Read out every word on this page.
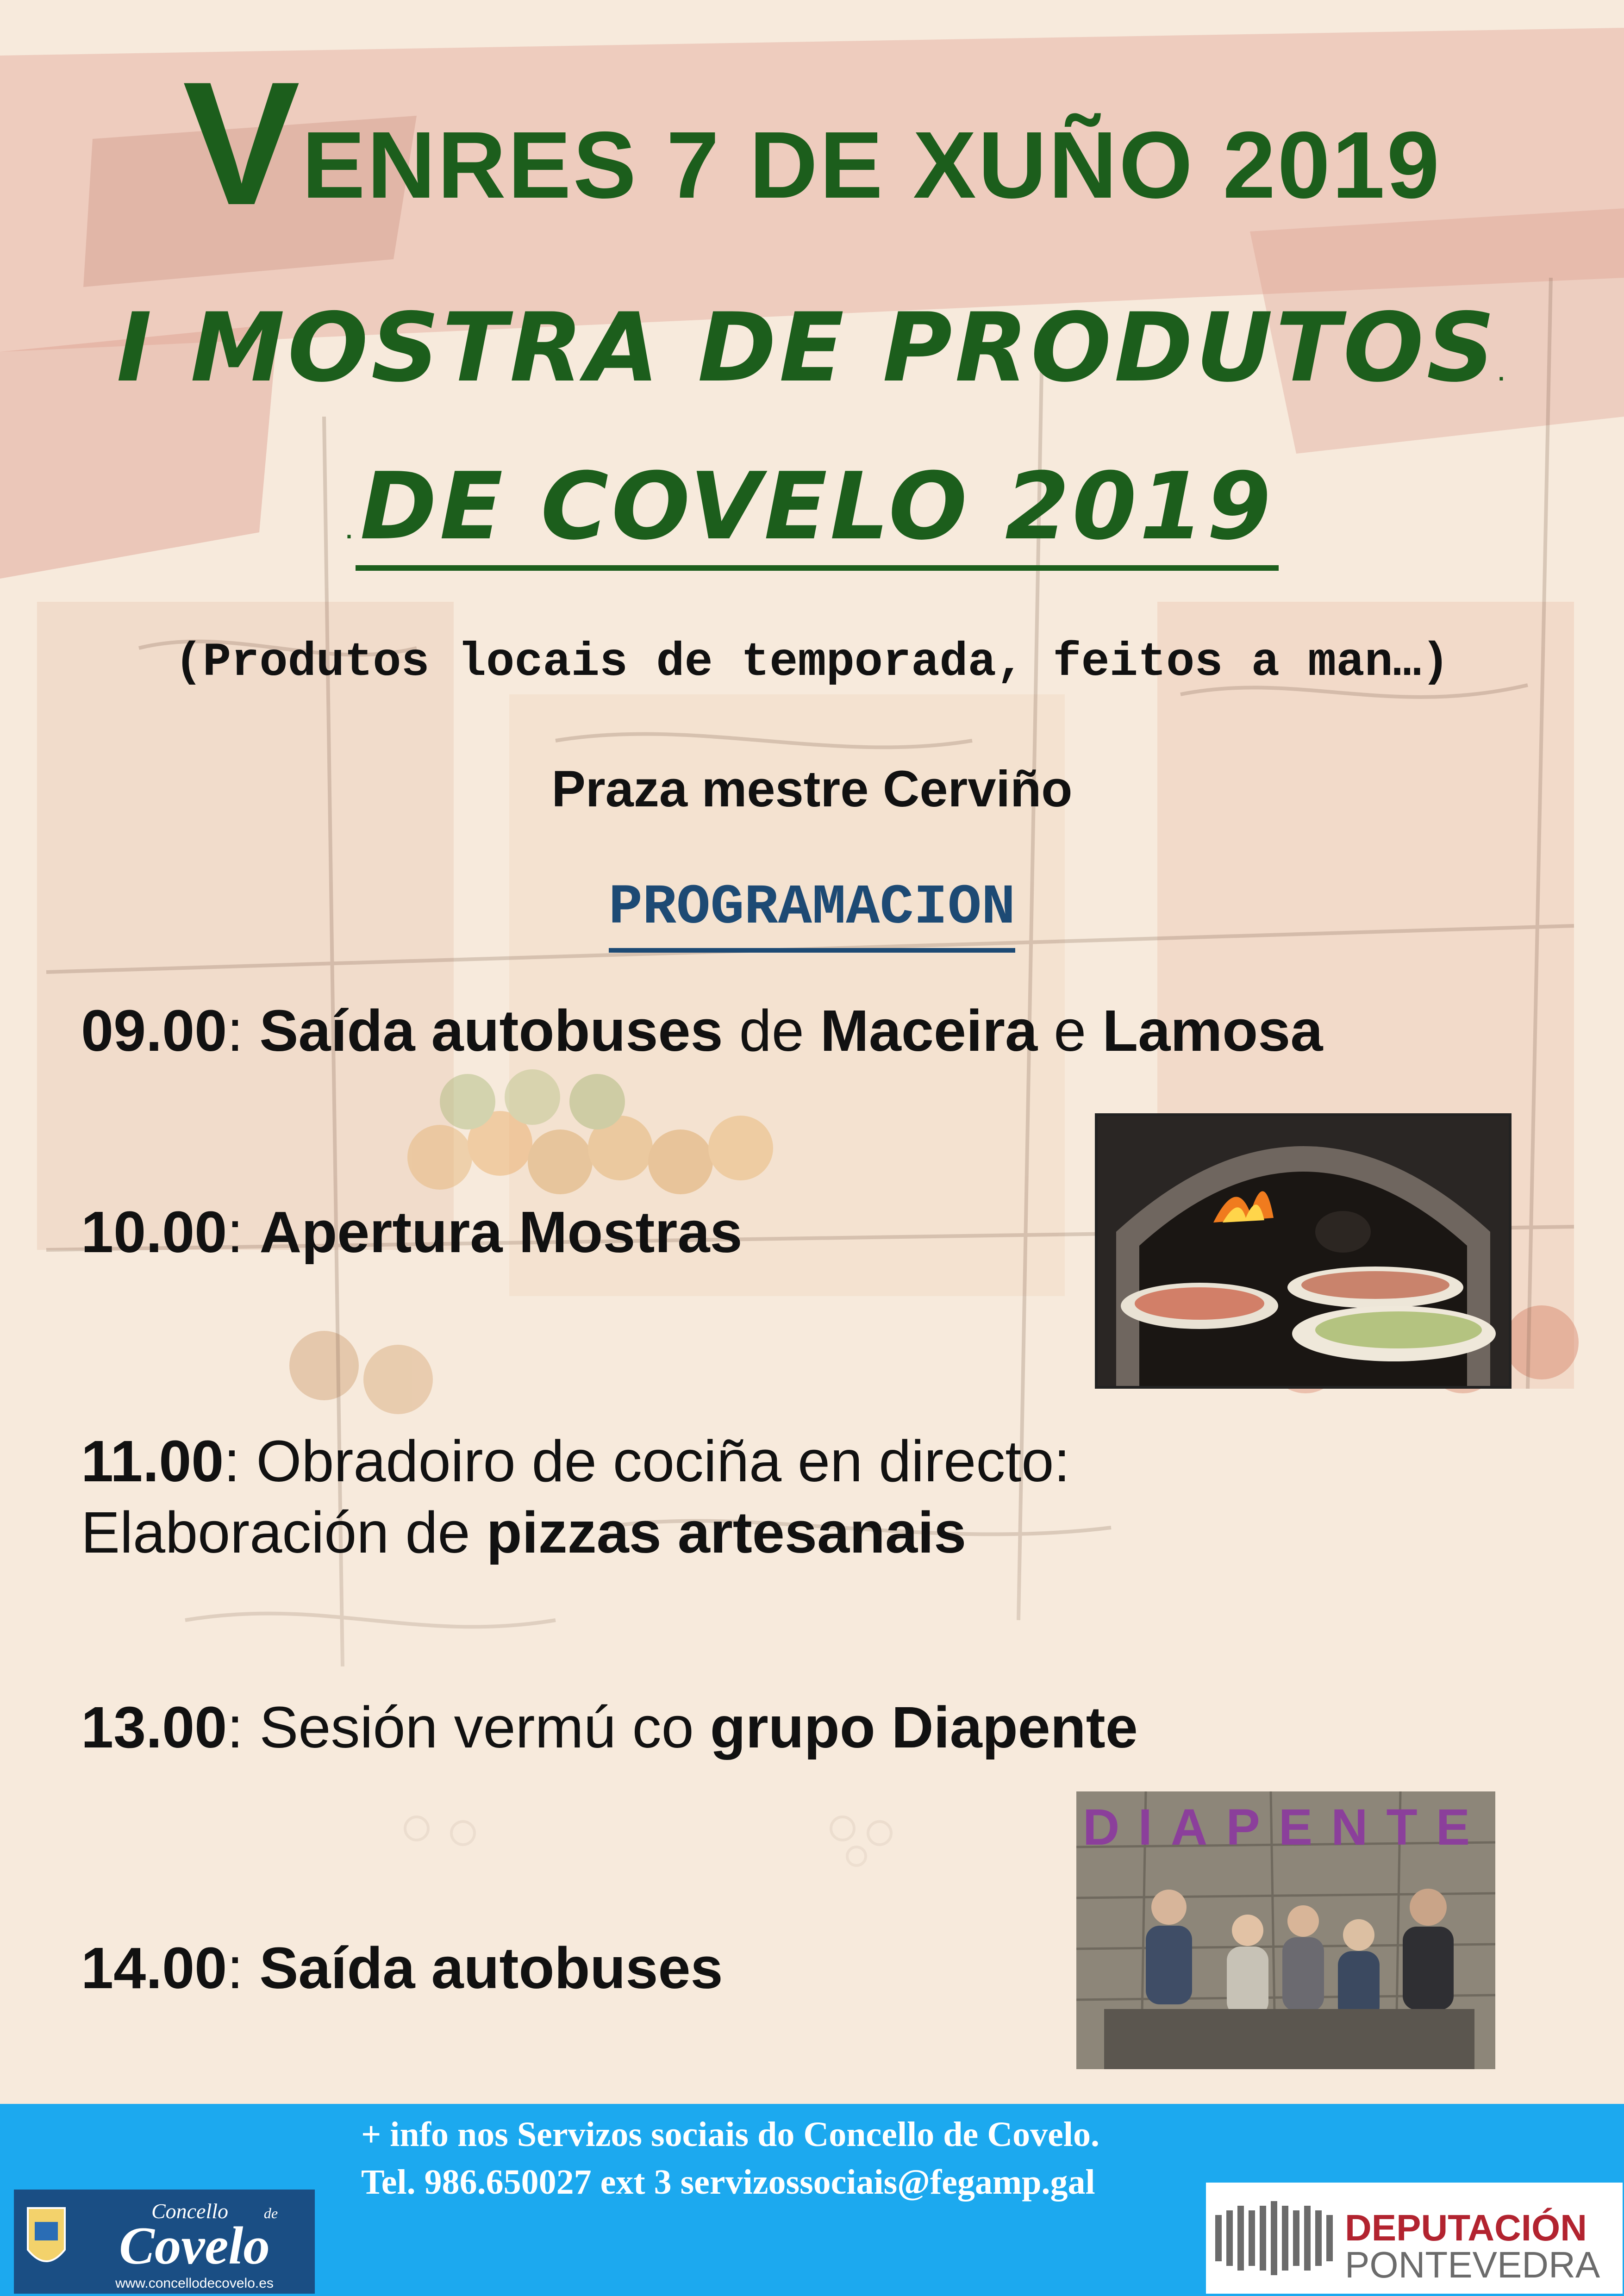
VENRES 7 DE XUÑO 2019
I MOSTRA DE PRODUTOS.
.DE COVELO 2019
(Produtos locais de temporada, feitos a man…)
Praza mestre Cerviño
PROGRAMACION
09.00: Saída autobuses de Maceira e Lamosa
10.00: Apertura Mostras
11.00: Obradoiro de cociña en directo:
Elaboración de pizzas artesanais
13.00: Sesión vermú co grupo Diapente
14.00: Saída autobuses
DIAPENTE
+ info nos Servizos sociais do Concello de Covelo.
Tel. 986.650027 ext 3 servizossociais@fegamp.gal
Concello de
Covelo
www.concellodecovelo.es
DEPUTACIÓN
PONTEVEDRA
